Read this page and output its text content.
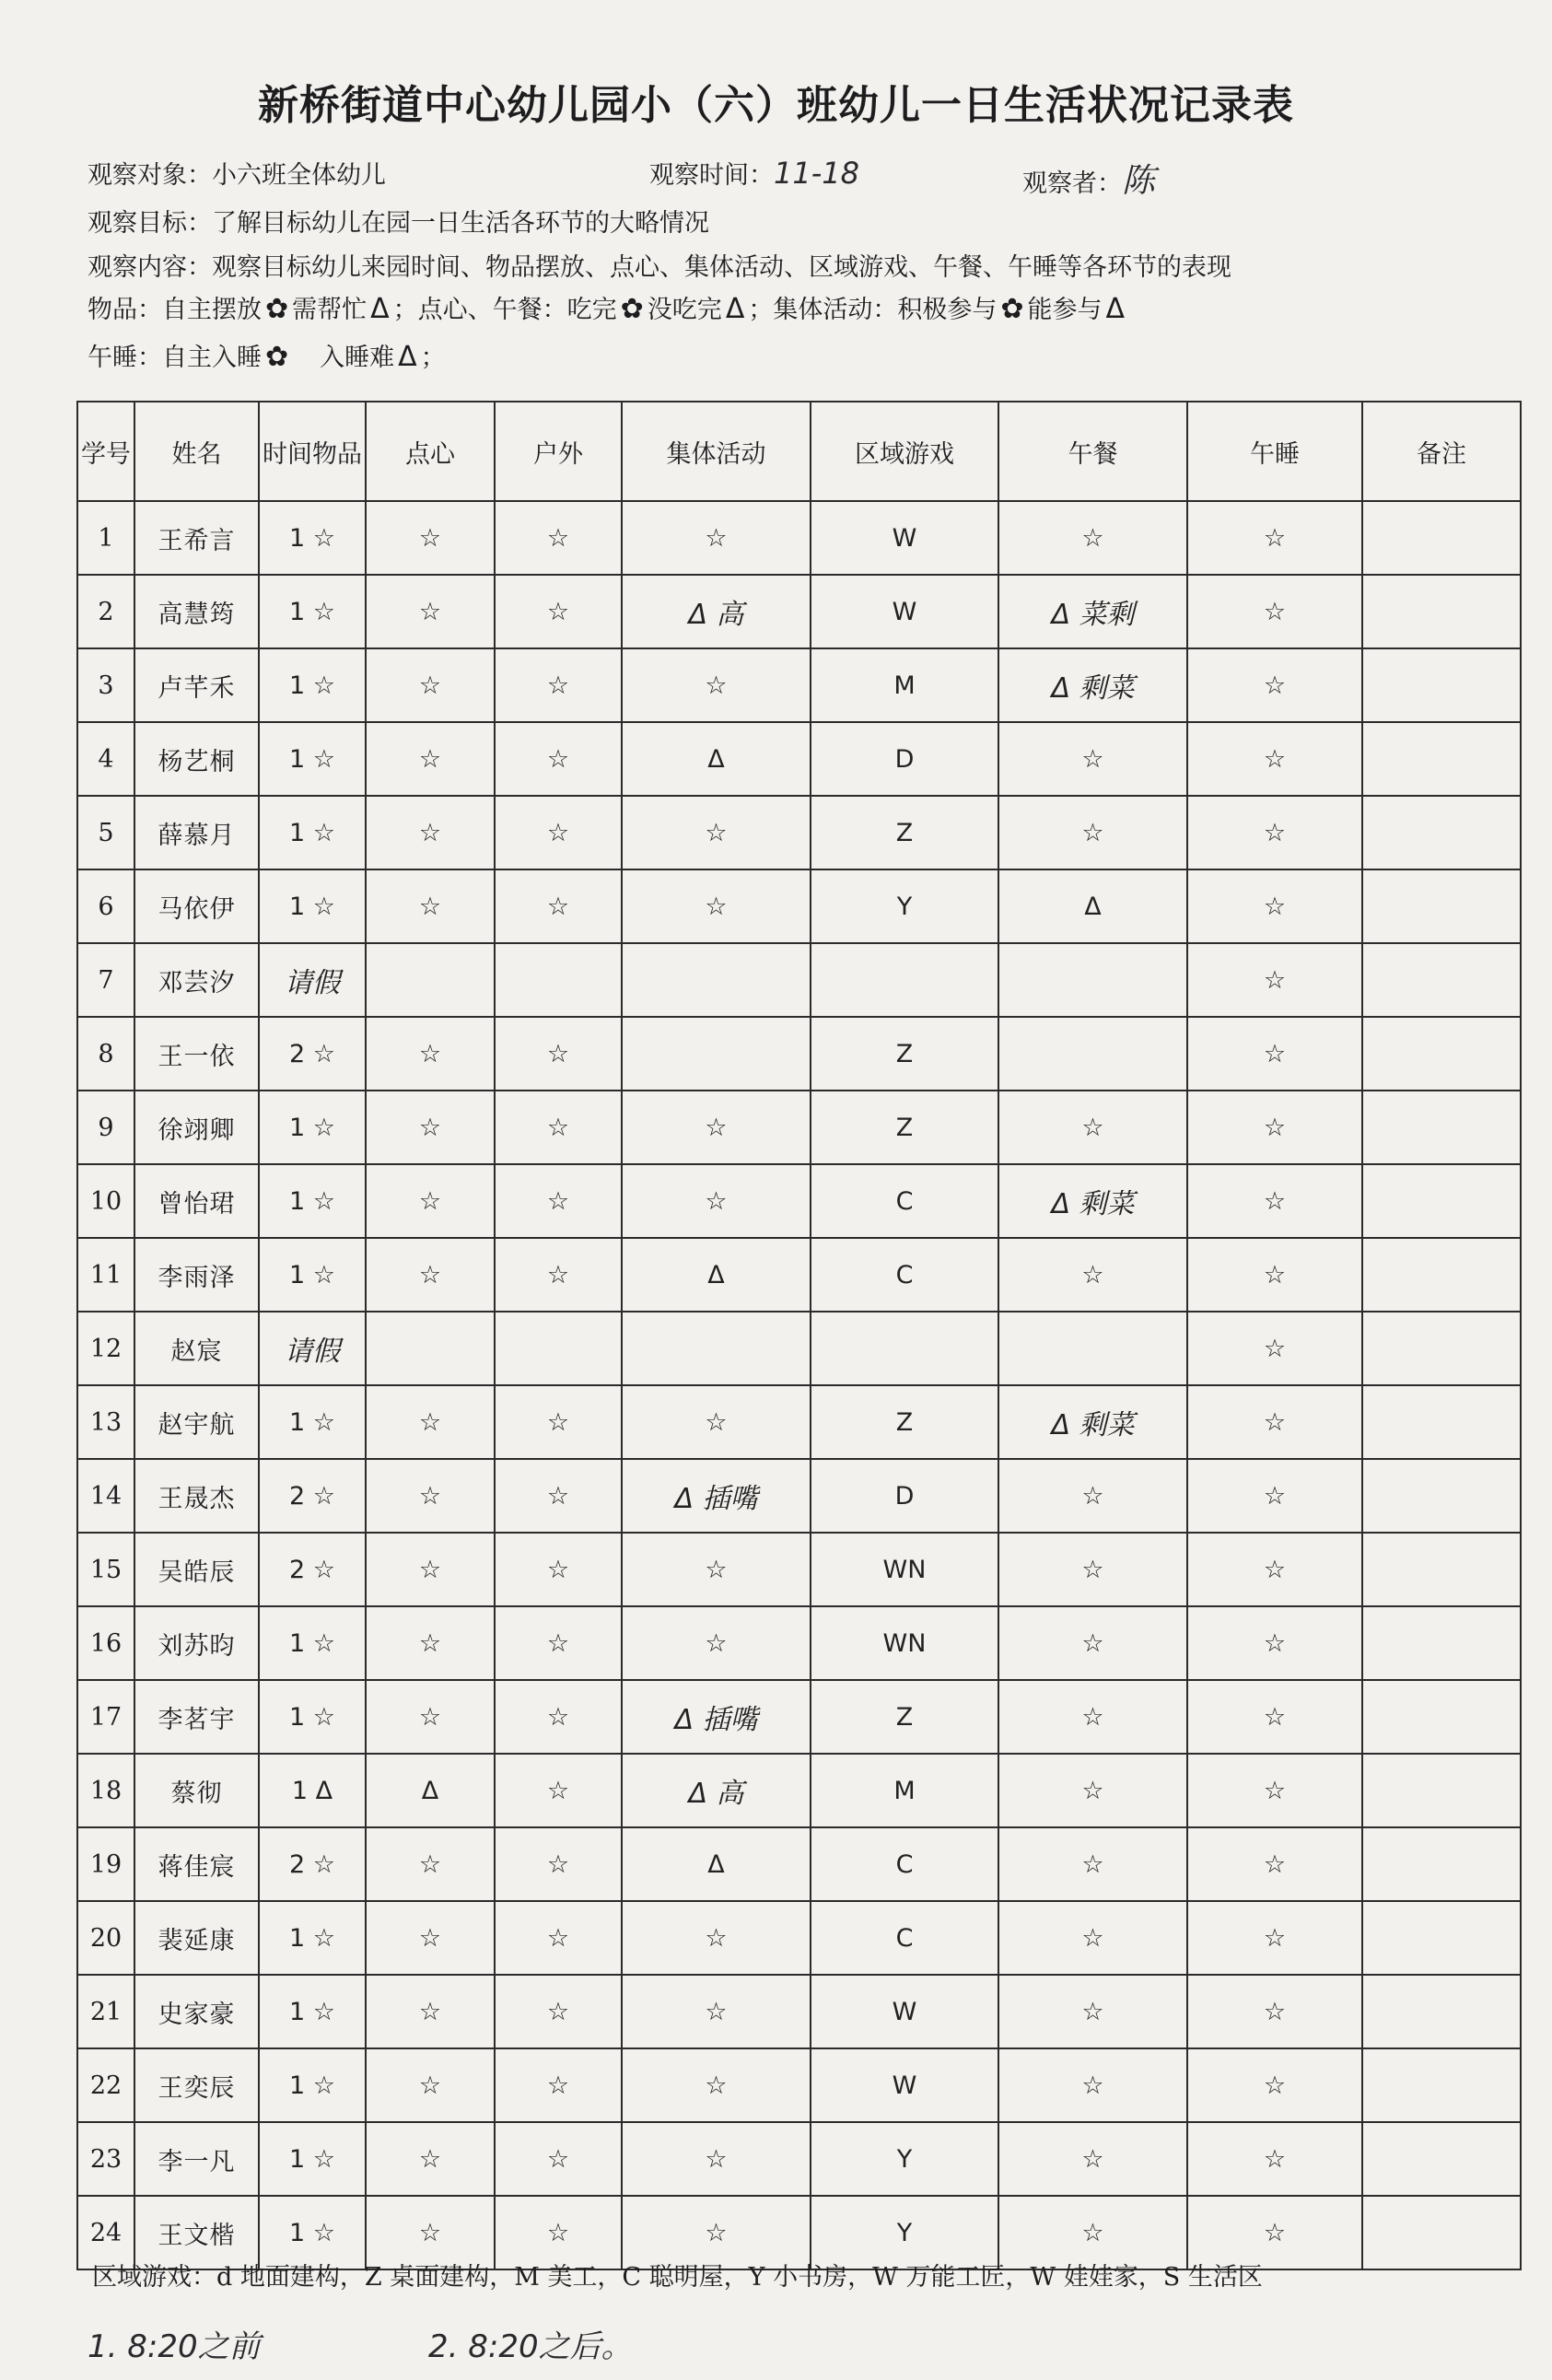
新桥街道中心幼儿园小（六）班幼儿一日生活状况记录表
观察对象：小六班全体幼儿	观察时间：11-18	观察者：陈
观察目标：了解目标幼儿在园一日生活各环节的大略情况
观察内容：观察目标幼儿来园时间、物品摆放、点心、集体活动、区域游戏、午餐、午睡等各环节的表现
物品：自主摆放 ✿ 需帮忙 Δ ；点心、午餐：吃完 ✿ 没吃完 Δ ；集体活动：积极参与 ✿ 能参与 Δ
午睡：自主入睡 ✿ 入睡难 Δ ；
学号	姓名	时间物品	点心	户外	集体活动	区域游戏	午餐	午睡	备注
1	王希言	1 ☆	☆	☆	☆	W	☆	☆	
2	高慧筠	1 ☆	☆	☆	Δ 高	W	Δ 菜剩	☆	
3	卢芊禾	1 ☆	☆	☆	☆	M	Δ 剩菜	☆	
4	杨艺桐	1 ☆	☆	☆	Δ	D	☆	☆	
5	薛慕月	1 ☆	☆	☆	☆	Z	☆	☆	
6	马依伊	1 ☆	☆	☆	☆	Y	Δ	☆	
7	邓芸汐	请假						☆	
8	王一依	2 ☆	☆	☆		Z		☆	
9	徐翊卿	1 ☆	☆	☆	☆	Z	☆	☆	
10	曾怡珺	1 ☆	☆	☆	☆	C	Δ 剩菜	☆	
11	李雨泽	1 ☆	☆	☆	Δ	C	☆	☆	
12	赵宸	请假						☆	
13	赵宇航	1 ☆	☆	☆	☆	Z	Δ 剩菜	☆	
14	王晟杰	2 ☆	☆	☆	Δ 插嘴	D	☆	☆	
15	吴皓辰	2 ☆	☆	☆	☆	WN	☆	☆	
16	刘苏昀	1 ☆	☆	☆	☆	WN	☆	☆	
17	李茗宇	1 ☆	☆	☆	Δ 插嘴	Z	☆	☆	
18	蔡彻	1 Δ	Δ	☆	Δ 高	M	☆	☆	
19	蒋佳宸	2 ☆	☆	☆	Δ	C	☆	☆	
20	裴延康	1 ☆	☆	☆	☆	C	☆	☆	
21	史家豪	1 ☆	☆	☆	☆	W	☆	☆	
22	王奕辰	1 ☆	☆	☆	☆	W	☆	☆	
23	李一凡	1 ☆	☆	☆	☆	Y	☆	☆	
24	王文楷	1 ☆	☆	☆	☆	Y	☆	☆	
区域游戏：d 地面建构，Z 桌面建构，M 美工，C 聪明屋，Y 小书房，W 万能工匠，W 娃娃家，S 生活区
1. 8:20之前	2. 8:20之后。
